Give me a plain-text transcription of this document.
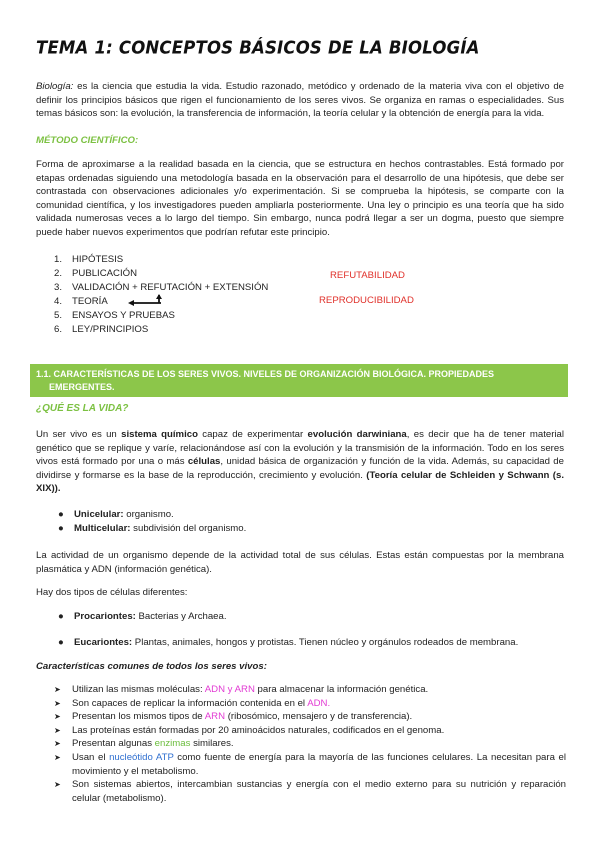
TEMA 1: CONCEPTOS BÁSICOS DE LA BIOLOGÍA

Biología: es la ciencia que estudia la vida. Estudio razonado, metódico y ordenado de la materia viva con el objetivo de definir los principios básicos que rigen el funcionamiento de los seres vivos. Se organiza en ramas o especialidades. Sus temas básicos son: la evolución, la transferencia de información, la teoría celular y la obtención de energía para la vida.

MÉTODO CIENTÍFICO:

Forma de aproximarse a la realidad basada en la ciencia, que se estructura en hechos contrastables. Está formado por etapas ordenadas siguiendo una metodología basada en la observación para el desarrollo de una hipótesis, que debe ser contrastada con observaciones adicionales y/o experimentación. Si se comprueba la hipótesis, se comparte con la comunidad científica, y los investigadores pueden ampliarla posteriormente. Una ley o principio es una teoría que ha sido validada numerosas veces a lo largo del tiempo. Sin embargo, nunca podrá llegar a ser un dogma, puesto que siempre puede haber nuevos experimentos que podrían refutar este principio.

1.	HIPÓTESIS
2.	PUBLICACIÓN
3.	VALIDACIÓN + REFUTACIÓN + EXTENSIÓN
4.	TEORÍA
5.	ENSAYOS Y PRUEBAS
6.	LEY/PRINCIPIOS
REFUTABILIDAD
REPRODUCIBILIDAD
1.1. CARACTERÍSTICAS DE LOS SERES VIVOS. NIVELES DE ORGANIZACIÓN BIOLÓGICA. PROPIEDADES
EMERGENTES.
¿QUÉ ES LA VIDA?

Un ser vivo es un sistema químico capaz de experimentar evolución darwiniana, es decir que ha de tener material genético que se replique y varíe, relacionándose así con la evolución y la transmisión de la información. Todo en los seres vivos está formado por una o más células, unidad básica de organización y función de la vida. Además, su capacidad de dividirse y formarse es la base de la reproducción, crecimiento y evolución. (Teoría celular de Schleiden y Schwann (s. XIX)).

● Unicelular: organismo.
● Multicelular: subdivisión del organismo.

La actividad de un organismo depende de la actividad total de sus células. Estas están compuestas por la membrana plasmática y ADN (información genética).

Hay dos tipos de células diferentes:

● Procariontes: Bacterias y Archaea.
● Eucariontes: Plantas, animales, hongos y protistas. Tienen núcleo y orgánulos rodeados de membrana.
Características comunes de todos los seres vivos:
➤	Utilizan las mismas moléculas: ADN y ARN para almacenar la información genética.
➤	Son capaces de replicar la información contenida en el ADN.
➤	Presentan los mismos tipos de ARN (ribosómico, mensajero y de transferencia).
➤	Las proteínas están formadas por 20 aminoácidos naturales, codificados en el genoma.
➤	Presentan algunas enzimas similares.
➤	Usan el nucleótido ATP como fuente de energía para la mayoría de las funciones celulares. La necesitan para el movimiento y el metabolismo.
➤	Son sistemas abiertos, intercambian sustancias y energía con el medio externo para su nutrición y reparación celular (metabolismo).
